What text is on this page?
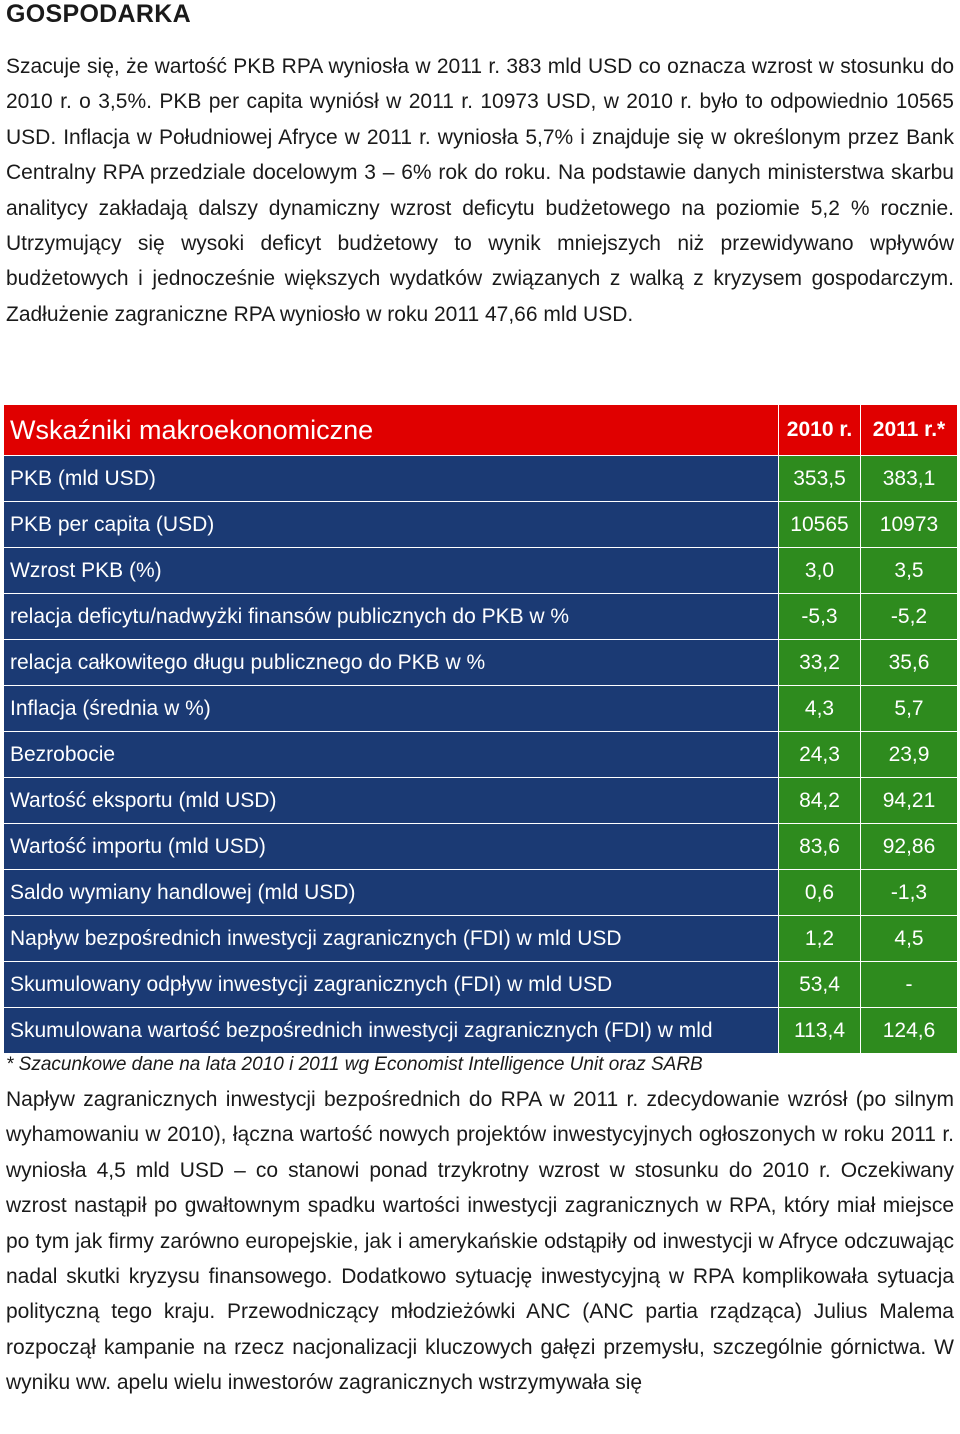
GOSPODARKA

Szacuje się, że wartość PKB RPA wyniosła w 2011 r. 383 mld USD co oznacza wzrost w stosunku do 2010 r. o 3,5%. PKB per capita wyniósł w 2011 r. 10973 USD, w 2010 r. było to odpowiednio 10565 USD. Inflacja w Południowej Afryce w 2011 r. wyniosła 5,7% i znajduje się w określonym przez Bank Centralny RPA przedziale docelowym 3 – 6% rok do roku. Na podstawie danych ministerstwa skarbu analitycy zakładają dalszy dynamiczny wzrost deficytu budżetowego na poziomie 5,2 % rocznie. Utrzymujący się wysoki deficyt budżetowy to wynik mniejszych niż przewidywano wpływów budżetowych i jednocześnie większych wydatków związanych z walką z kryzysem gospodarczym. Zadłużenie zagraniczne RPA wyniosło w roku 2011 47,66 mld USD.

Wskaźniki makroekonomiczne	2010 r.	2011 r.*
PKB (mld USD)	353,5	383,1
PKB per capita (USD)	10565	10973
Wzrost PKB (%)	3,0	3,5
relacja deficytu/nadwyżki finansów publicznych do PKB w %	-5,3	-5,2
relacja całkowitego długu publicznego do PKB w %	33,2	35,6
Inflacja (średnia w %)	4,3	5,7
Bezrobocie	24,3	23,9
Wartość eksportu (mld USD)	84,2	94,21
Wartość importu (mld USD)	83,6	92,86
Saldo wymiany handlowej (mld USD)	0,6	-1,3
Napływ bezpośrednich inwestycji zagranicznych (FDI) w mld USD	1,2	4,5
Skumulowany odpływ inwestycji zagranicznych (FDI) w mld USD	53,4	-
Skumulowana wartość bezpośrednich inwestycji zagranicznych (FDI) w mld	113,4	124,6

* Szacunkowe dane na lata 2010 i 2011 wg Economist Intelligence Unit oraz SARB

Napływ zagranicznych inwestycji bezpośrednich do RPA w 2011 r. zdecydowanie wzrósł (po silnym wyhamowaniu w 2010), łączna wartość nowych projektów inwestycyjnych ogłoszonych w roku 2011 r. wyniosła 4,5 mld USD – co stanowi ponad trzykrotny wzrost w stosunku do 2010 r. Oczekiwany wzrost nastąpił po gwałtownym spadku wartości inwestycji zagranicznych w RPA, który miał miejsce po tym jak firmy zarówno europejskie, jak i amerykańskie odstąpiły od inwestycji w Afryce odczuwając nadal skutki kryzysu finansowego. Dodatkowo sytuację inwestycyjną w RPA komplikowała sytuacja polityczną tego kraju. Przewodniczący młodzieżówki ANC (ANC partia rządząca) Julius Malema rozpoczął kampanie na rzecz nacjonalizacji kluczowych gałęzi przemysłu, szczególnie górnictwa. W wyniku ww. apelu wielu inwestorów zagranicznych wstrzymywała się
